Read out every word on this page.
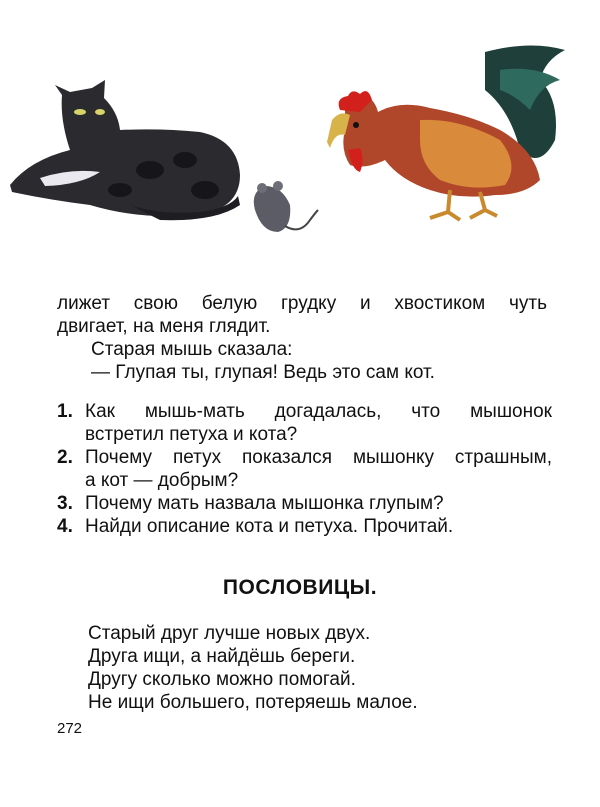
лижет свою белую грудку и хвостиком чуть
двигает, на меня глядит.
Старая мышь сказала:
— Глупая ты, глупая! Ведь это сам кот.
1. Как мышь-мать догадалась, что мышонок
встретил петуха и кота?
2. Почему петух показался мышонку страшным,
а кот — добрым?
3. Почему мать назвала мышонка глупым?
4. Найди описание кота и петуха. Прочитай.
ПОСЛОВИЦЫ.
Старый друг лучше новых двух.
Друга ищи, а найдёшь береги.
Другу сколько можно помогай.
Не ищи большего, потеряешь малое.
272
